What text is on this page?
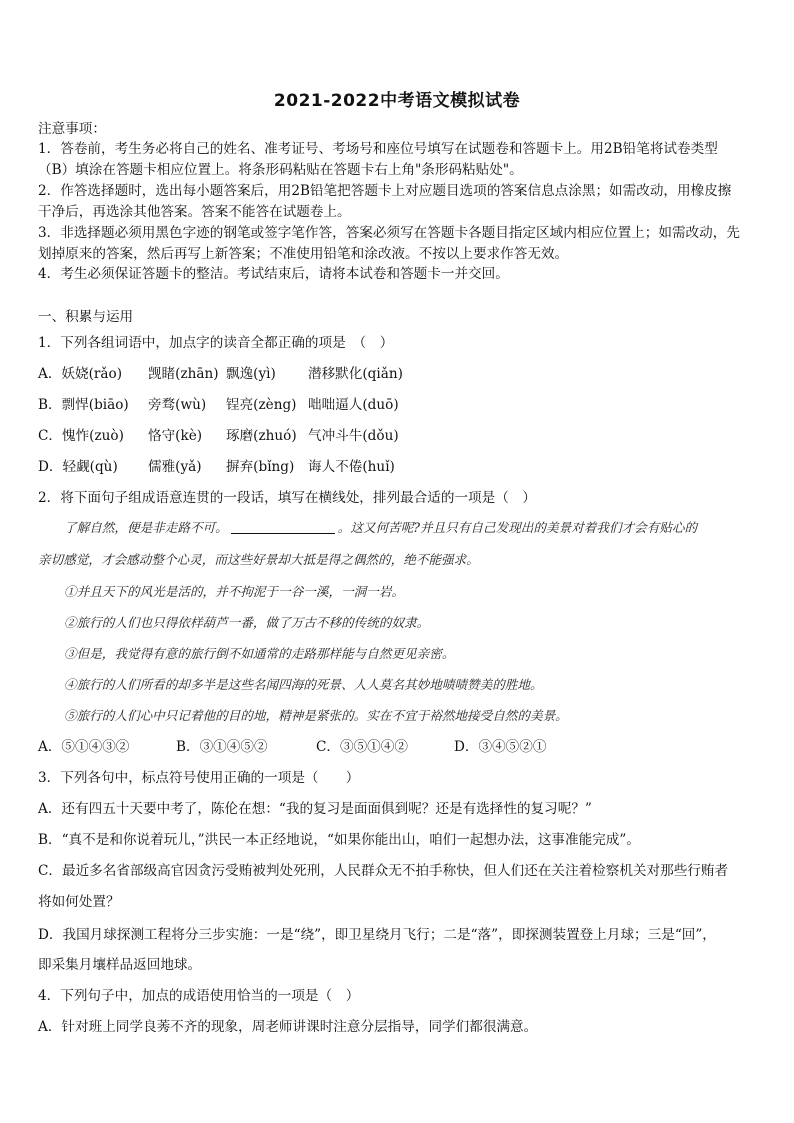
2021-2022中考语文模拟试卷
注意事项：
1．答卷前，考生务必将自己的姓名、准考证号、考场号和座位号填写在试题卷和答题卡上。用2B铅笔将试卷类型
（B）填涂在答题卡相应位置上。将条形码粘贴在答题卡右上角"条形码粘贴处"。
2．作答选择题时，选出每小题答案后，用2B铅笔把答题卡上对应题目选项的答案信息点涂黑；如需改动，用橡皮擦
干净后，再选涂其他答案。答案不能答在试题卷上。
3．非选择题必须用黑色字迹的钢笔或签字笔作答，答案必须写在答题卡各题目指定区域内相应位置上；如需改动，先
划掉原来的答案，然后再写上新答案；不准使用铅笔和涂改液。不按以上要求作答无效。
4．考生必须保证答题卡的整洁。考试结束后，请将本试卷和答题卡一并交回。
一、积累与运用
1．下列各组词语中，加点字的读音全都正确的项是　（　）
A．妖娆(rǎo) 觊睹(zhān) 飘逸(yì) 潜移默化(qiǎn)
B．剽悍(biāo) 旁骛(wù) 锃亮(zèng) 咄咄逼人(duō)
C．愧怍(zuò) 恪守(kè) 琢磨(zhuó) 气冲斗牛(dǒu)
D．轻觑(qù) 儒雅(yǎ) 摒弃(bǐng) 诲人不倦(huǐ)
2．将下面句子组成语意连贯的一段话，填写在横线处，排列最合适的一项是（　）
了解自然，便是非走路不可。	。这又何苦呢?并且只有自己发现出的美景对着我们才会有贴心的
亲切感觉，才会感动整个心灵，而这些好景却大抵是得之偶然的，绝不能强求。
①并且天下的风光是活的，并不拘泥于一谷一溪，一洞一岩。
②旅行的人们也只得依样葫芦一番，做了万古不移的传统的奴隶。
③但是，我觉得有意的旅行倒不如通常的走路那样能与自然更见亲密。
④旅行的人们所看的却多半是这些名闻四海的死景、人人莫名其妙地啧啧赞美的胜地。
⑤旅行的人们心中只记着他的目的地，精神是紧张的。实在不宜于裕然地接受自然的美景。
A．⑤①④③②	B．③①④⑤②	C．③⑤①④②	D．③④⑤②①
3．下列各句中，标点符号使用正确的一项是（　　）
A．还有四五十天要中考了，陈伦在想：“我的复习是面面俱到呢？还是有选择性的复习呢？”
B．“真不是和你说着玩儿，”洪民一本正经地说，“如果你能出山，咱们一起想办法，这事准能完成”。
C．最近多名省部级高官因贪污受贿被判处死刑，人民群众无不拍手称快，但人们还在关注着检察机关对那些行贿者
将如何处置？
D．我国月球探测工程将分三步实施：一是“绕”，即卫星绕月飞行；二是“落”，即探测装置登上月球；三是“回”，
即采集月壤样品返回地球。
4．下列句子中，加点的成语使用恰当的一项是（　）
A．针对班上同学良莠不齐的现象，周老师讲课时注意分层指导，同学们都很满意。
